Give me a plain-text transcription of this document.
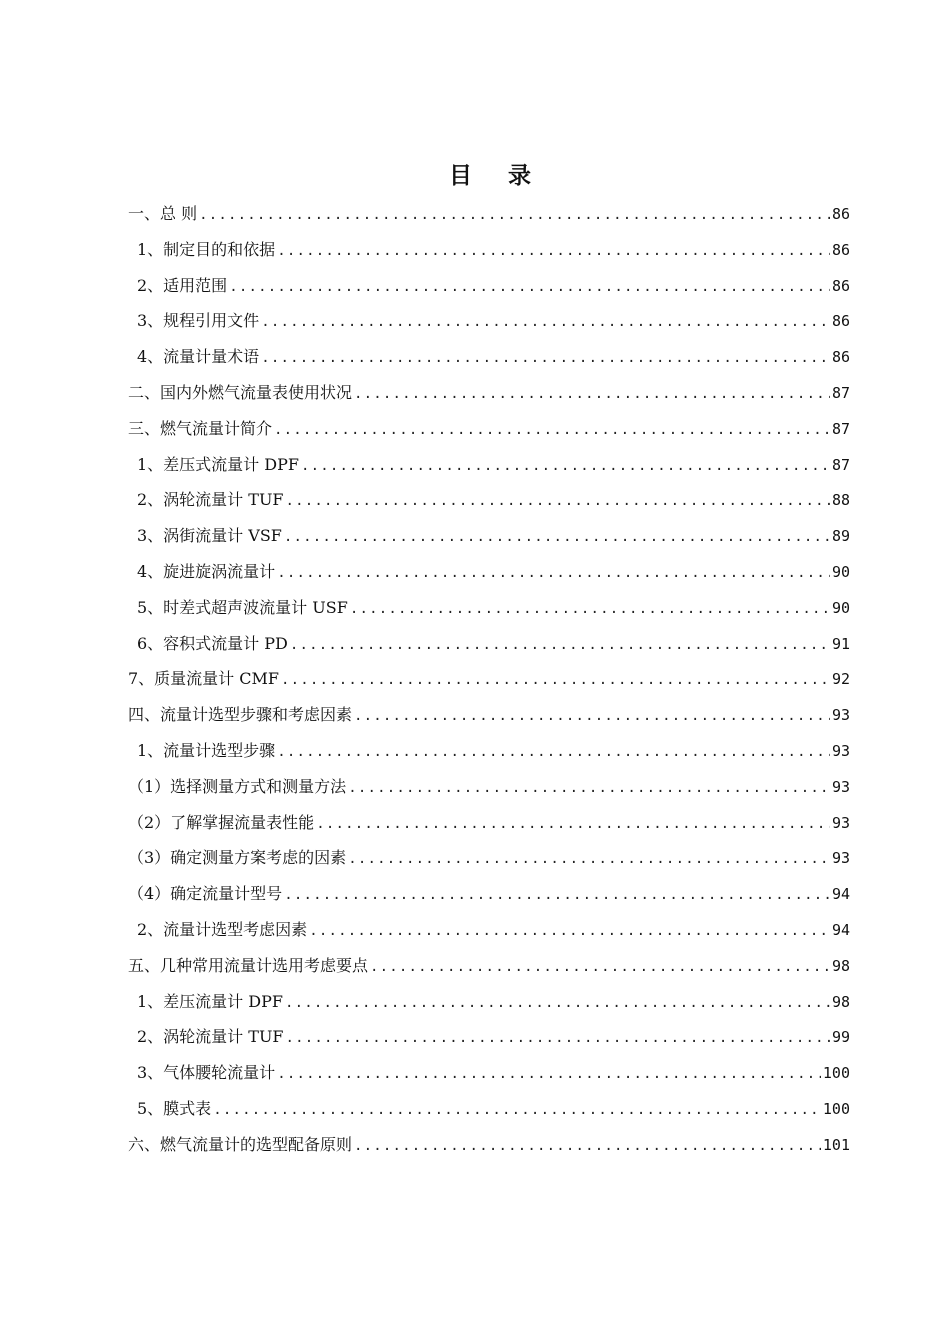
目 录
一、总 则 .....	86
1、制定目的和依据 .....	86
2、适用范围 .....	86
3、规程引用文件 .....	86
4、流量计量术语 .....	86
二、国内外燃气流量表使用状况 .....	87
三、燃气流量计简介 .....	87
1、差压式流量计 DPF .....	87
2、涡轮流量计 TUF .....	88
3、涡街流量计 VSF .....	89
4、旋进旋涡流量计 .....	90
5、时差式超声波流量计 USF .....	90
6、容积式流量计 PD .....	91
7、质量流量计 CMF .....	92
四、流量计选型步骤和考虑因素 .....	93
1、流量计选型步骤 .....	93
（1）选择测量方式和测量方法 .....	93
（2）了解掌握流量表性能 .....	93
（3）确定测量方案考虑的因素 .....	93
（4）确定流量计型号 .....	94
2、流量计选型考虑因素 .....	94
五、几种常用流量计选用考虑要点 .....	98
1、差压流量计 DPF .....	98
2、涡轮流量计 TUF .....	99
3、气体腰轮流量计 .....	100
5、膜式表 .....	100
六、燃气流量计的选型配备原则 .....	101
